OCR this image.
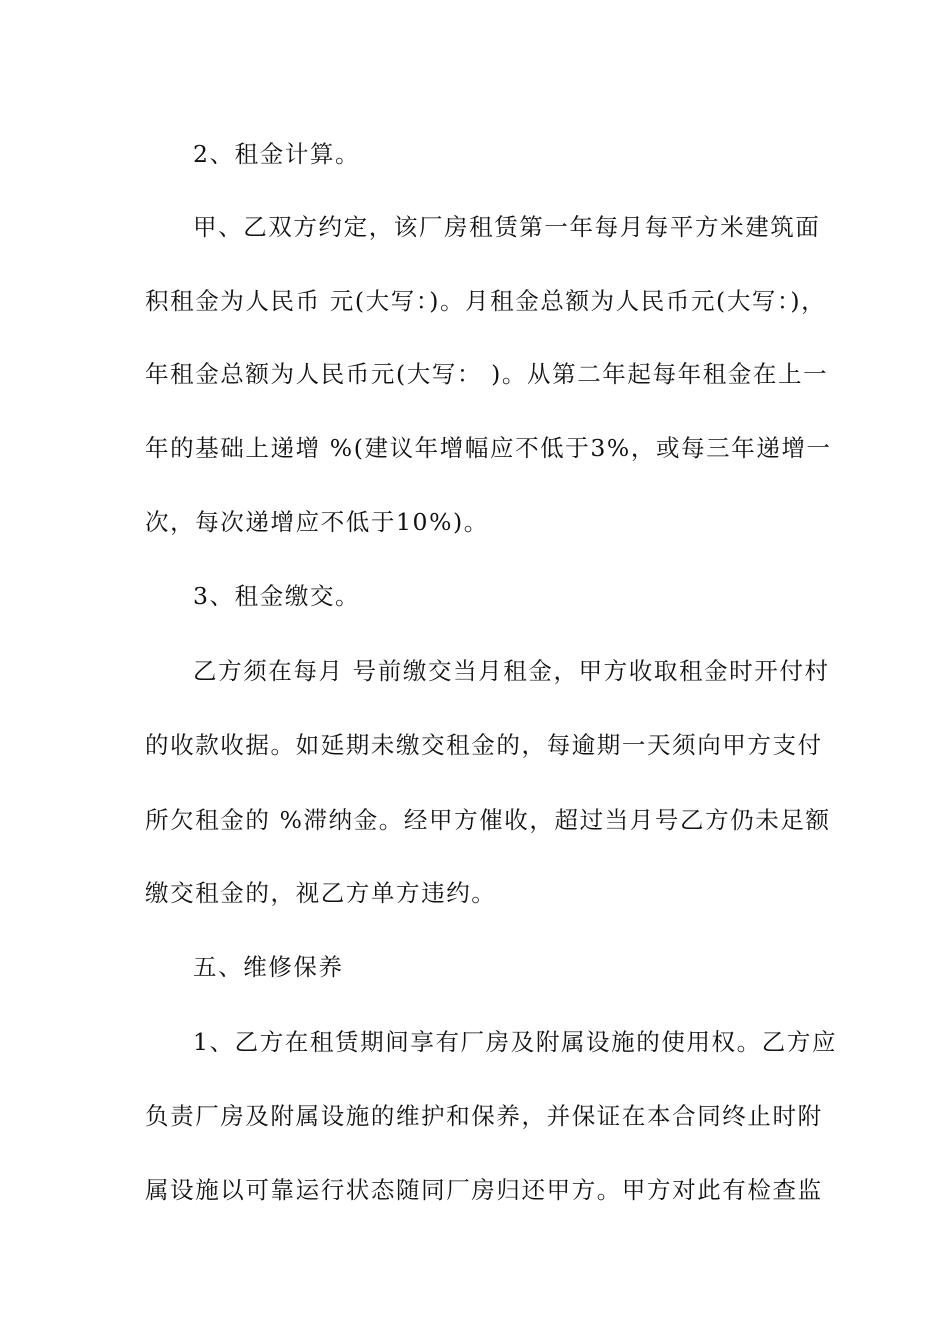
2、租金计算。
甲、乙双方约定，该厂房租赁第一年每月每平方米建筑面
积租金为人民币 元(大写：)。月租金总额为人民币元(大写：)，
年租金总额为人民币元(大写： )。从第二年起每年租金在上一
年的基础上递增 %(建议年增幅应不低于3%，或每三年递增一
次，每次递增应不低于10%)。
3、租金缴交。
乙方须在每月 号前缴交当月租金，甲方收取租金时开付村
的收款收据。如延期未缴交租金的，每逾期一天须向甲方支付
所欠租金的 %滞纳金。经甲方催收，超过当月号乙方仍未足额
缴交租金的，视乙方单方违约。
五、维修保养
1、乙方在租赁期间享有厂房及附属设施的使用权。乙方应
负责厂房及附属设施的维护和保养，并保证在本合同终止时附
属设施以可靠运行状态随同厂房归还甲方。甲方对此有检查监
